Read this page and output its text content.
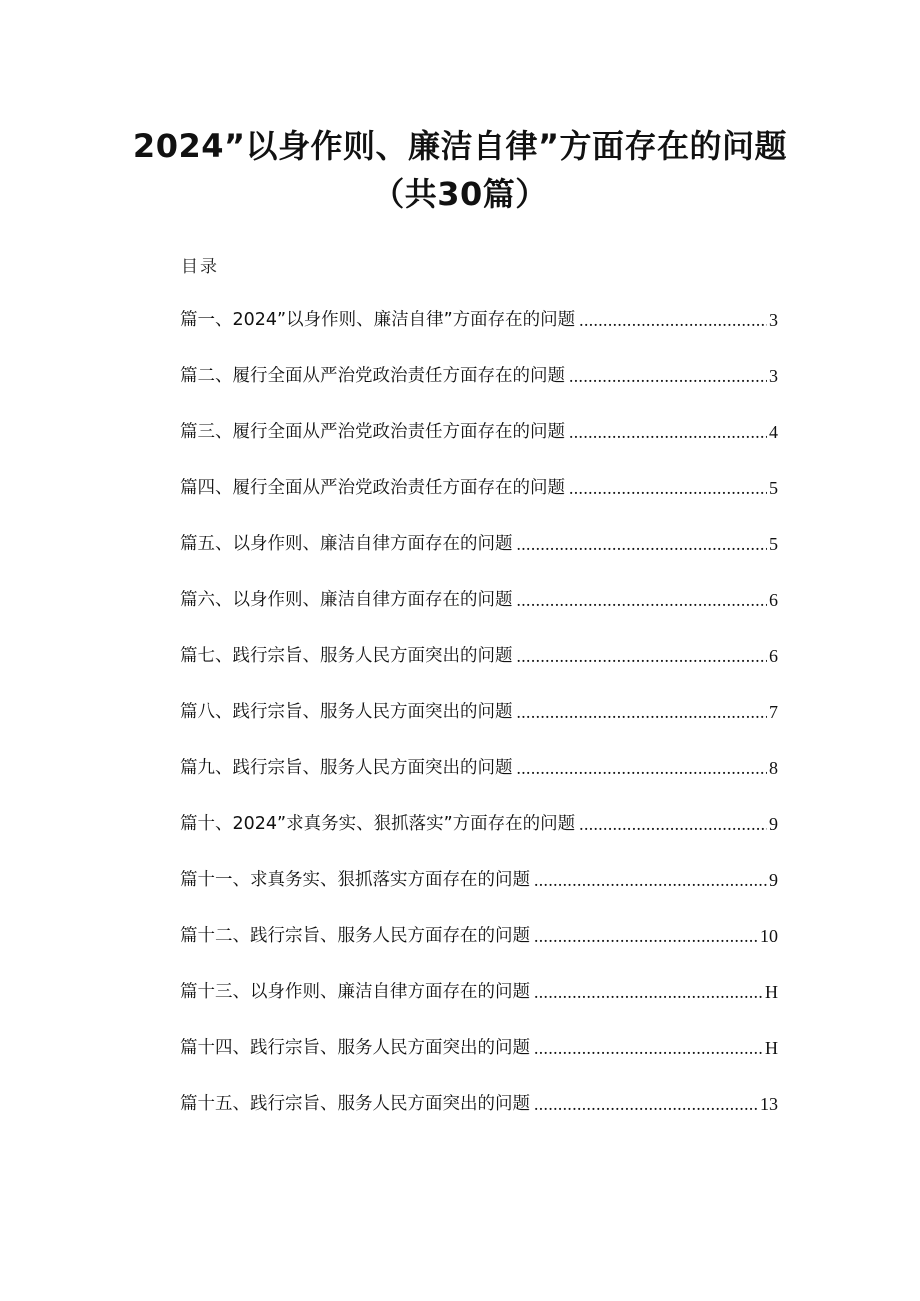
2024”以身作则、廉洁自律”方面存在的问题
（共30篇）
目录
篇一、2024”以身作则、廉洁自律”方面存在的问题 .....	3
篇二、履行全面从严治党政治责任方面存在的问题 .....	3
篇三、履行全面从严治党政治责任方面存在的问题 .....	4
篇四、履行全面从严治党政治责任方面存在的问题 .....	5
篇五、以身作则、廉洁自律方面存在的问题 .....	5
篇六、以身作则、廉洁自律方面存在的问题 .....	6
篇七、践行宗旨、服务人民方面突出的问题 .....	6
篇八、践行宗旨、服务人民方面突出的问题 .....	7
篇九、践行宗旨、服务人民方面突出的问题 .....	8
篇十、2024”求真务实、狠抓落实”方面存在的问题 .....	9
篇十一、求真务实、狠抓落实方面存在的问题 .....	9
篇十二、践行宗旨、服务人民方面存在的问题 .....	10
篇十三、以身作则、廉洁自律方面存在的问题 .....	H
篇十四、践行宗旨、服务人民方面突出的问题 .....	H
篇十五、践行宗旨、服务人民方面突出的问题 .....	13
